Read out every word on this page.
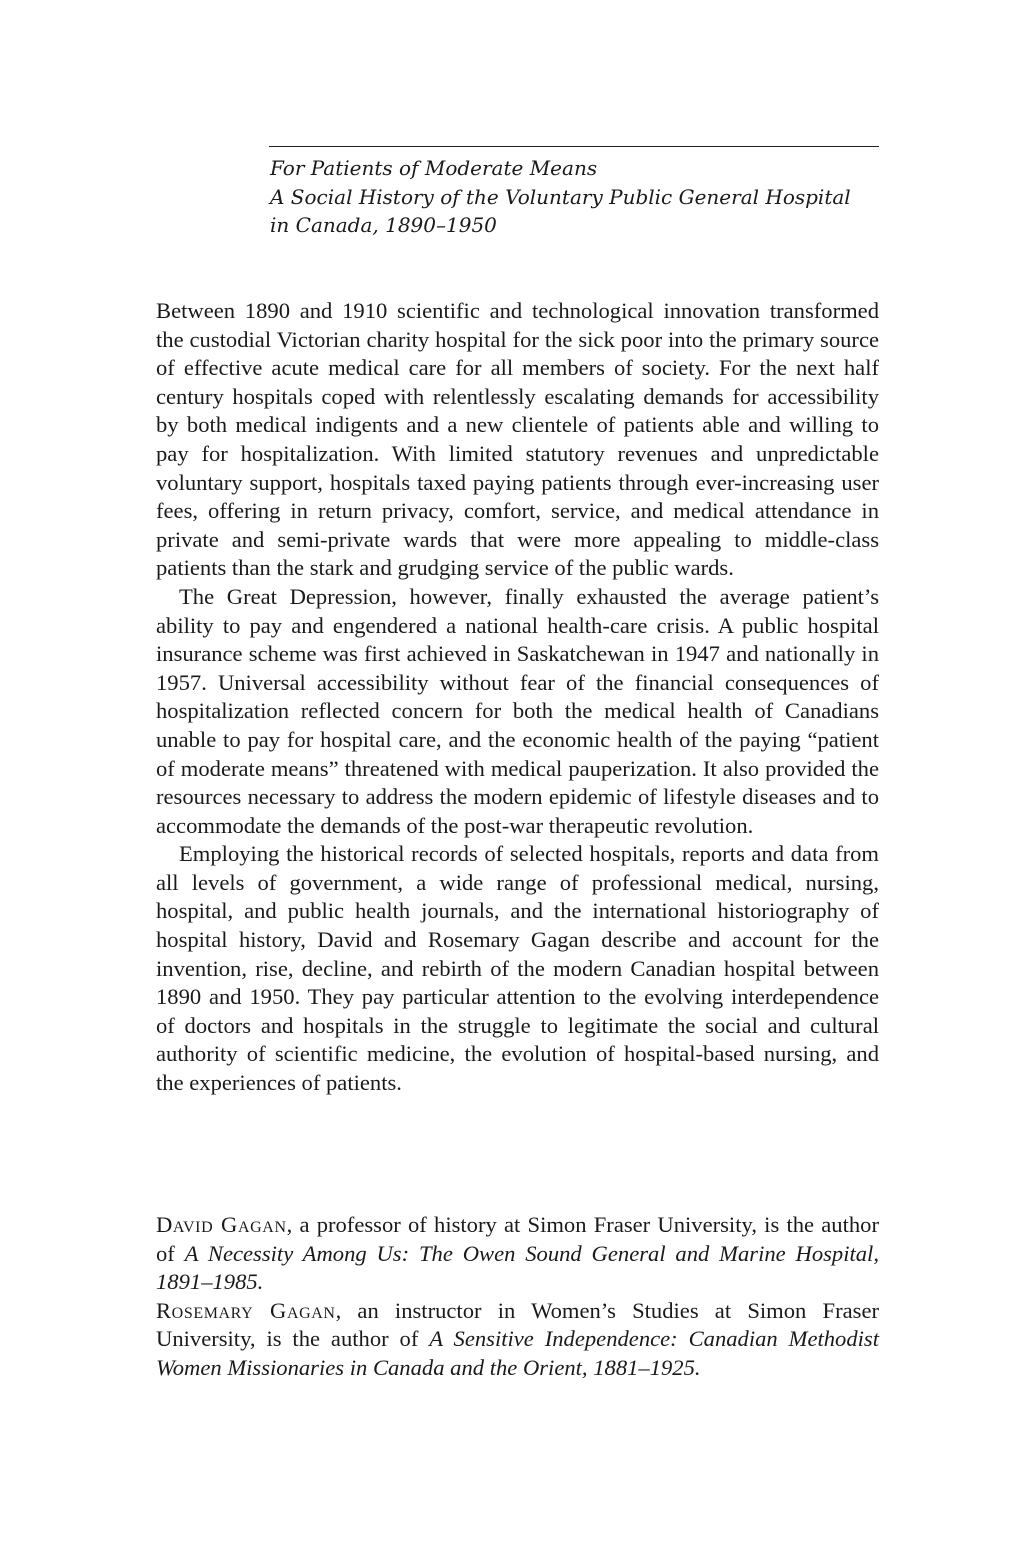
For Patients of Moderate Means
A Social History of the Voluntary Public General Hospital
in Canada, 1890–1950

Between 1890 and 1910 scientific and technological innovation transformed the custodial Victorian charity hospital for the sick poor into the primary source of effective acute medical care for all members of society. For the next half century hospitals coped with relentlessly escalating demands for accessibility by both medical indigents and a new clientele of patients able and willing to pay for hospitalization. With limited statutory revenues and unpredictable voluntary support, hospitals taxed paying patients through ever-increasing user fees, offering in return privacy, comfort, service, and medical attendance in private and semi-private wards that were more appealing to middle-class patients than the stark and grudging service of the public wards.

The Great Depression, however, finally exhausted the average patient’s ability to pay and engendered a national health-care crisis. A public hospital insurance scheme was first achieved in Saskatchewan in 1947 and nationally in 1957. Universal accessibility without fear of the financial consequences of hospitalization reflected concern for both the medical health of Canadians unable to pay for hospital care, and the economic health of the paying “patient of moderate means” threatened with medical pauperization. It also provided the resources necessary to address the modern epidemic of lifestyle diseases and to accommodate the demands of the post-war therapeutic revolution.

Employing the historical records of selected hospitals, reports and data from all levels of government, a wide range of professional medical, nursing, hospital, and public health journals, and the international historiography of hospital history, David and Rosemary Gagan describe and account for the invention, rise, decline, and rebirth of the modern Canadian hospital between 1890 and 1950. They pay particular attention to the evolving interdependence of doctors and hospitals in the struggle to legitimate the social and cultural authority of scientific medicine, the evolution of hospital-based nursing, and the experiences of patients.

David Gagan, a professor of history at Simon Fraser University, is the author of A Necessity Among Us: The Owen Sound General and Marine Hospital, 1891–1985.

Rosemary Gagan, an instructor in Women’s Studies at Simon Fraser University, is the author of A Sensitive Independence: Canadian Methodist Women Missionaries in Canada and the Orient, 1881–1925.
